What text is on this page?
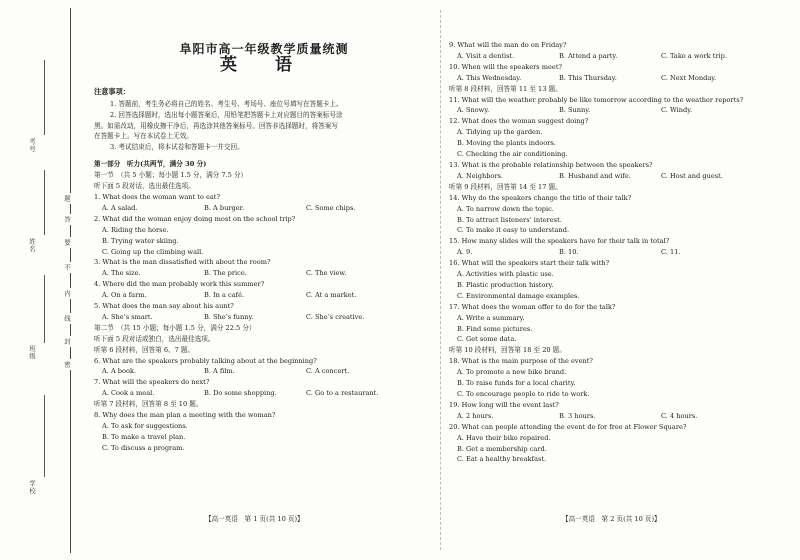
考号
姓名
班级
学校
题
答
要
不
内
线
封
密
阜阳市高一年级教学质量统测
英 语
注意事项：
1. 答题前，考生务必将自己的姓名、考生号、考场号、座位号填写在答题卡上。
2. 回答选择题时，选出每小题答案后，用铅笔把答题卡上对应题目的答案标号涂
黑。如需改动，用橡皮擦干净后，再选涂其他答案标号。回答非选择题时，将答案写
在答题卡上。写在本试卷上无效。
3. 考试结束后，将本试卷和答题卡一并交回。
第一部分　听力(共两节，满分 30 分)
第一节　（共 5 小题；每小题 1.5 分，满分 7.5 分）
听下面 5 段对话，选出最佳选项。
1. What does the woman want to eat?
A. A salad.	B. A burger.	C. Some chips.
2. What did the woman enjoy doing most on the school trip?
A. Riding the horse.
B. Trying water skiing.
C. Going up the climbing wall.
3. What is the man dissatisfied with about the room?
A. The size.	B. The price.	C. The view.
4. Where did the man probably work this summer?
A. On a farm.	B. In a café.	C. At a market.
5. What does the man say about his aunt?
A. She’s smart.	B. She’s funny.	C. She’s creative.
第二节　（共 15 小题；每小题 1.5 分，满分 22.5 分）
听下面 5 段对话或独白，选出最佳选项。
听第 6 段材料，回答第 6、7 题。
6. What are the speakers probably talking about at the beginning?
A. A book.	B. A film.	C. A concert.
7. What will the speakers do next?
A. Cook a meal.	B. Do some shopping.	C. Go to a restaurant.
听第 7 段材料，回答第 8 至 10 题。
8. Why does the man plan a meeting with the woman?
A. To ask for suggestions.
B. To make a travel plan.
C. To discuss a program.
【高一英语　第 1 页(共 10 页)】
9. What will the man do on Friday?
A. Visit a dentist.	B. Attend a party.	C. Take a work trip.
10. When will the speakers meet?
A. This Wednesday.	B. This Thursday.	C. Next Monday.
听第 8 段材料，回答第 11 至 13 题。
11. What will the weather probably be like tomorrow according to the weather reports?
A. Snowy.	B. Sunny.	C. Windy.
12. What does the woman suggest doing?
A. Tidying up the garden.
B. Moving the plants indoors.
C. Checking the air conditioning.
13. What is the probable relationship between the speakers?
A. Neighbors.	B. Husband and wife.	C. Host and guest.
听第 9 段材料，回答第 14 至 17 题。
14. Why do the speakers change the title of their talk?
A. To narrow down the topic.
B. To attract listeners’ interest.
C. To make it easy to understand.
15. How many slides will the speakers have for their talk in total?
A. 9.	B. 10.	C. 11.
16. What will the speakers start their talk with?
A. Activities with plastic use.
B. Plastic production history.
C. Environmental damage examples.
17. What does the woman offer to do for the talk?
A. Write a summary.
B. Find some pictures.
C. Get some data.
听第 10 段材料，回答第 18 至 20 题。
18. What is the main purpose of the event?
A. To promote a new bike brand.
B. To raise funds for a local charity.
C. To encourage people to ride to work.
19. How long will the event last?
A. 2 hours.	B. 3 hours.	C. 4 hours.
20. What can people attending the event do for free at Flower Square?
A. Have their bike repaired.
B. Get a membership card.
C. Eat a healthy breakfast.
【高一英语　第 2 页(共 10 页)】
